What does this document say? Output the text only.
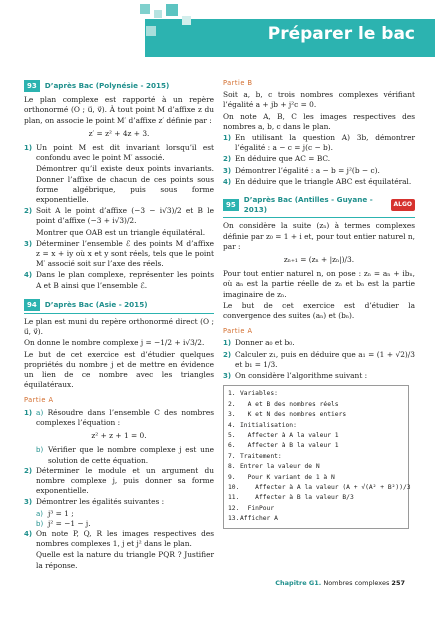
Préparer le bac
93	D’après Bac (Polynésie - 2015)

Le plan complexe est rapporté à un repère orthonormé (O ; u⃗, v⃗). À tout point M d’affixe z du plan, on associe le point M′ d’affixe z′ définie par :

z′ = z² + 4z + 3.
1) Un point M est dit invariant lorsqu’il est confondu avec le point M′ associé.

Démontrer qu’il existe deux points invariants. Donner l’affixe de chacun de ces points sous forme algébrique, puis sous forme exponentielle.

2) Soit A le point d’affixe (−3 − i√3)/2 et B le point d’affixe (−3 + i√3)/2.

Montrer que OAB est un triangle équilatéral.

3) Déterminer l’ensemble ℰ des points M d’affixe z = x + iy où x et y sont réels, tels que le point M′ associé soit sur l’axe des réels.
4) Dans le plan complexe, représenter les points A et B ainsi que l’ensemble ℰ.
94	D’après Bac (Asie - 2015)

Le plan est muni du repère orthonormé direct (O ; u⃗, v⃗).

On donne le nombre complexe j = −1/2 + i√3/2.

Le but de cet exercice est d’étudier quelques propriétés du nombre j et de mettre en évidence un lien de ce nombre avec les triangles équilatéraux.

Partie A
1) a) Résoudre dans l’ensemble C des nombres complexes l’équation :
z² + z + 1 = 0.
b) Vérifier que le nombre complexe j est une solution de cette équation.
2) Déterminer le module et un argument du nombre complexe j, puis donner sa forme exponentielle.
3) Démontrer les égalités suivantes :
a) j³ = 1 ;
b) j² = −1 − j.
4) On note P, Q, R les images respectives des nombres complexes 1, j et j² dans le plan.

Quelle est la nature du triangle PQR ? Justifier la réponse.

Partie B

Soit a, b, c trois nombres complexes vérifiant l’égalité a + jb + j²c = 0.

On note A, B, C les images respectives des nombres a, b, c dans le plan.

1) En utilisant la question A) 3b, démontrer l’égalité : a − c = j(c − b).
2) En déduire que AC = BC.
3) Démontrer l’égalité : a − b = j²(b − c).
4) En déduire que le triangle ABC est équilatéral.
95
D’après Bac (Antilles - Guyane - 2013)
ALGO

On considère la suite (zₙ) à termes complexes définie par z₀ = 1 + i et, pour tout entier naturel n, par :

zₙ₊₁ = (zₙ + |zₙ|)/3.

Pour tout entier naturel n, on pose : zₙ = aₙ + ibₙ, où aₙ est la partie réelle de zₙ et bₙ est la partie imaginaire de zₙ.

Le but de cet exercice est d’étudier la convergence des suites (aₙ) et (bₙ).

Partie A
1) Donner a₀ et b₀.
2) Calculer z₁, puis en déduire que a₁ = (1 + √2)/3 et b₁ = 1/3.
3) On considère l’algorithme suivant :
1. Variables:
2. A et B des nombres réels
3. K et N des nombres entiers
4. Initialisation:
5. Affecter à A la valeur 1
6. Affecter à B la valeur 1
7. Traitement:
8. Entrer la valeur de N
9. Pour K variant de 1 à N
10. Affecter à A la valeur (A + √(A² + B²))/3
11. Affecter à B la valeur B/3
12. FinPour
13. Afficher A
Chapitre G1. Nombres complexes 257
